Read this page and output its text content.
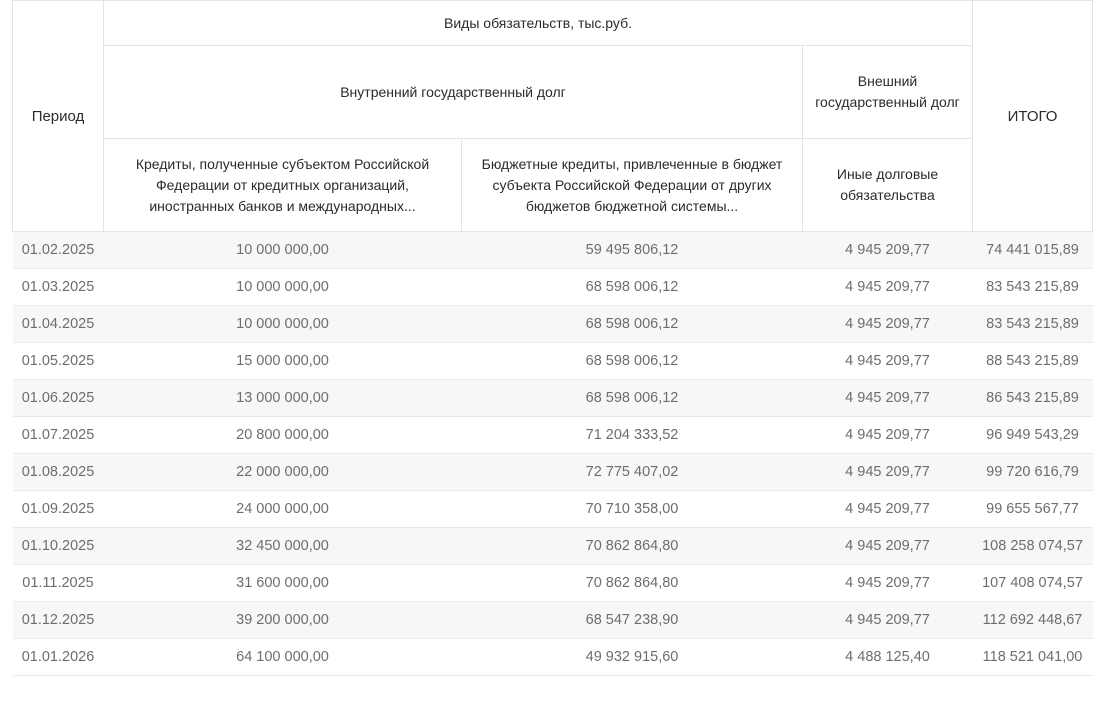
Период	Виды обязательств, тыс.руб.			ИТОГО
	Внутренний государственный долг		Внешний государственный долг	
	Кредиты, полученные субъектом Российской Федерации от кредитных организаций, иностранных банков и международных...	Бюджетные кредиты, привлеченные в бюджет субъекта Российской Федерации от других бюджетов бюджетной системы...	Иные долговые обязательства	
01.02.2025	10 000 000,00	59 495 806,12	4 945 209,77	74 441 015,89
01.03.2025	10 000 000,00	68 598 006,12	4 945 209,77	83 543 215,89
01.04.2025	10 000 000,00	68 598 006,12	4 945 209,77	83 543 215,89
01.05.2025	15 000 000,00	68 598 006,12	4 945 209,77	88 543 215,89
01.06.2025	13 000 000,00	68 598 006,12	4 945 209,77	86 543 215,89
01.07.2025	20 800 000,00	71 204 333,52	4 945 209,77	96 949 543,29
01.08.2025	22 000 000,00	72 775 407,02	4 945 209,77	99 720 616,79
01.09.2025	24 000 000,00	70 710 358,00	4 945 209,77	99 655 567,77
01.10.2025	32 450 000,00	70 862 864,80	4 945 209,77	108 258 074,57
01.11.2025	31 600 000,00	70 862 864,80	4 945 209,77	107 408 074,57
01.12.2025	39 200 000,00	68 547 238,90	4 945 209,77	112 692 448,67
01.01.2026	64 100 000,00	49 932 915,60	4 488 125,40	118 521 041,00
